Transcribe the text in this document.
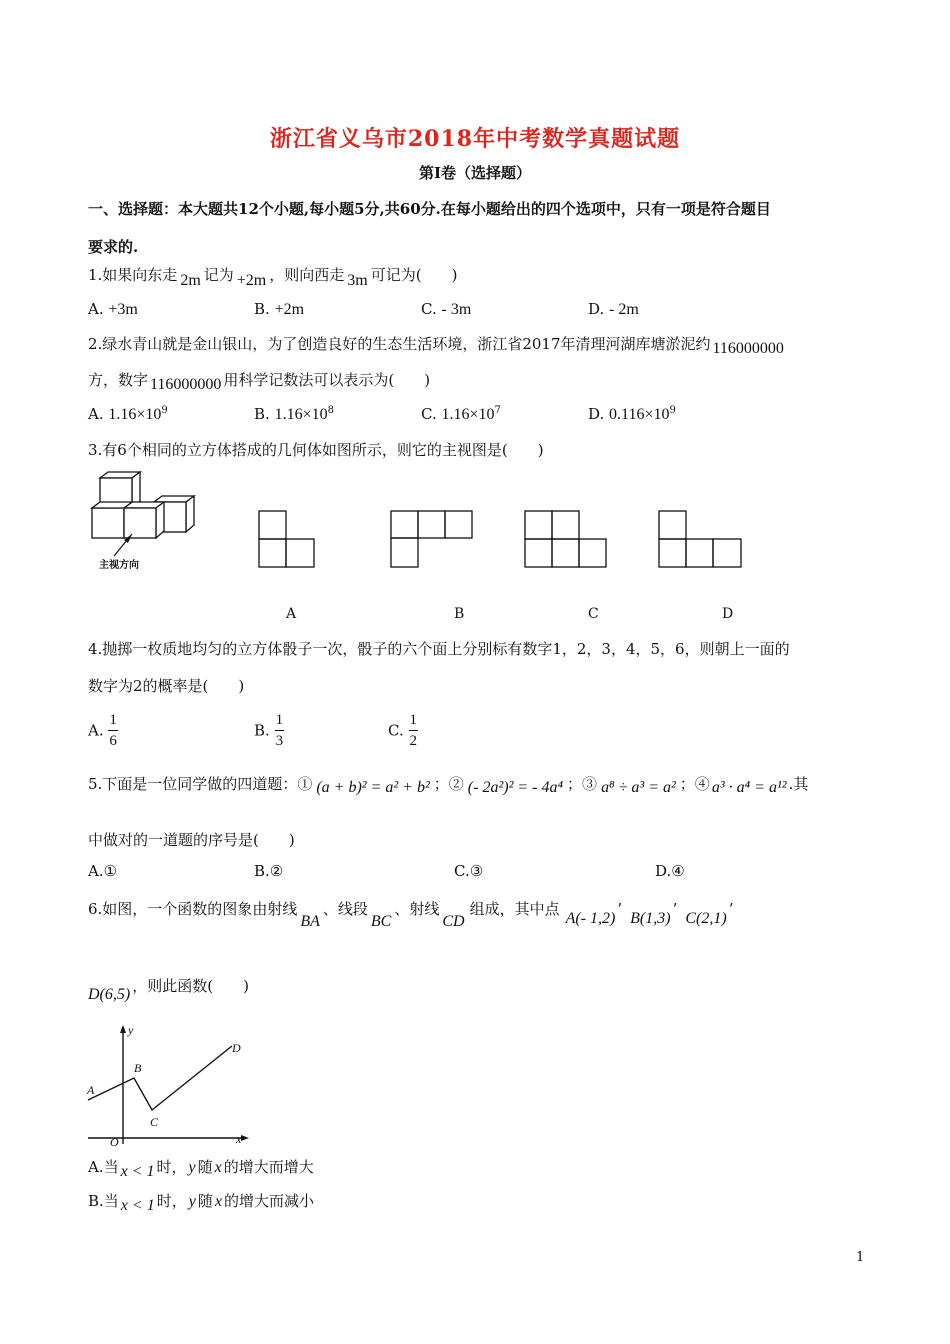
浙江省义乌市2018年中考数学真题试题
第Ⅰ卷（选择题）
一、选择题：本大题共12个小题,每小题5分,共60分.在每小题给出的四个选项中，只有一项是符合题目
要求的.
1.如果向东走 2m 记为 +2m ，则向西走 3m 可记为(　　)
A. +3m	B. +2m	C. - 3m	D. - 2m
2.绿水青山就是金山银山，为了创造良好的生态生活环境，浙江省2017年清理河湖库塘淤泥约 116000000
方，数字 116000000 用科学记数法可以表示为(　　)
A. $1.16\times 10^9$	B. $1.16\times 10^8$	C. $1.16\times 10^7$	D. $0.116\times 10^9$
3.有6个相同的立方体搭成的几何体如图所示，则它的主视图是(　　)
主视方向
A	B	C	D
4.抛掷一枚质地均匀的立方体骰子一次，骰子的六个面上分别标有数字1，2，3，4，5，6，则朝上一面的
数字为2的概率是(　　)
A. $\frac{1}{6}$	B. $\frac{1}{3}$	C. $\frac{1}{2}$
5.下面是一位同学做的四道题：① (a + b)² = a² + b² ；② (- 2a²)² = - 4a⁴ ；③ a⁸ ÷ a³ = a² ；④ a³ · a⁴ = a¹² .其
中做对的一道题的序号是(　　)
A.①	B.②	C.③	D.④
6.如图，一个函数的图象由射线BA、线段BC、射线CD组成，其中点A(- 1,2)’B(1,3)’C(2,1)’
D(6,5) ，则此函数(　　)
y
x
O
A
B
C
D
A.当 x < 1 时， y 随 x 的增大而增大
B.当 x < 1 时， y 随 x 的增大而减小
1
